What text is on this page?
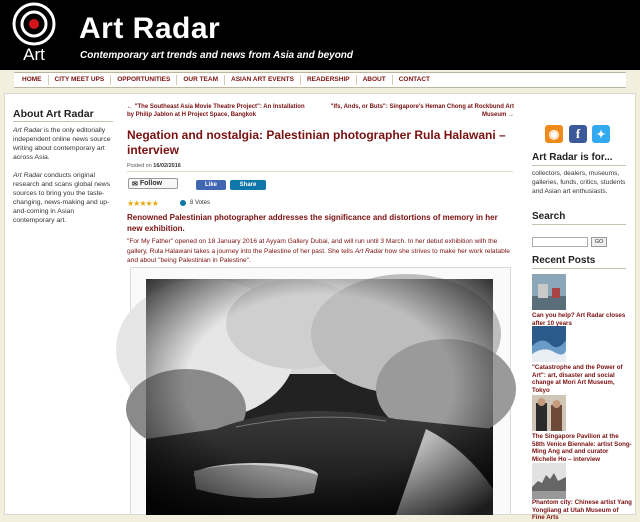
Art
Art Radar
Contemporary art trends and news from Asia and beyond
HOME	CITY MEET UPS	OPPORTUNITIES	OUR TEAM	ASIAN ART EVENTS	READERSHIP	ABOUT	CONTACT
About Art Radar
Art Radar is the only editorially independent online news source writing about contemporary art across Asia.
Art Radar conducts original research and scans global news sources to bring you the taste-changing, news-making and up-and-coming in Asian contemporary art.
← "The Southeast Asia Movie Theatre Project": An Installation by Philip Jablon at H Project Space, Bangkok
"Ifs, Ands, or Buts": Singapore's Heman Chong at Rockbund Art Museum →
Negation and nostalgia: Palestinian photographer Rula Halawani – interview
Posted on 16/02/2016
✉ Follow	Like	Share
★★★★★	8 Votes
Renowned Palestinian photographer addresses the significance and distortions of memory in her new exhibition.
"For My Father" opened on 18 January 2016 at Ayyam Gallery Dubai, and will run until 3 March. In her debut exhibition with the gallery, Rula Halawani takes a journey into the Palestine of her past. She tells Art Radar how she strives to make her work relatable and about "being Palestinian in Palestine".
◉	f	✦
Art Radar is for...
collectors, dealers, museums, galleries, funds, critics, students and Asian art enthusiasts.
Search
GO
Recent Posts
Can you help? Art Radar closes after 10 years
"Catastrophe and the Power of Art": art, disaster and social change at Mori Art Museum, Tokyo
The Singapore Pavilion at the 58th Venice Biennale: artist Song-Ming Ang and and curator Michelle Ho – interview
Phantom city: Chinese artist Yang Yongliang at Utah Museum of Fine Arts
